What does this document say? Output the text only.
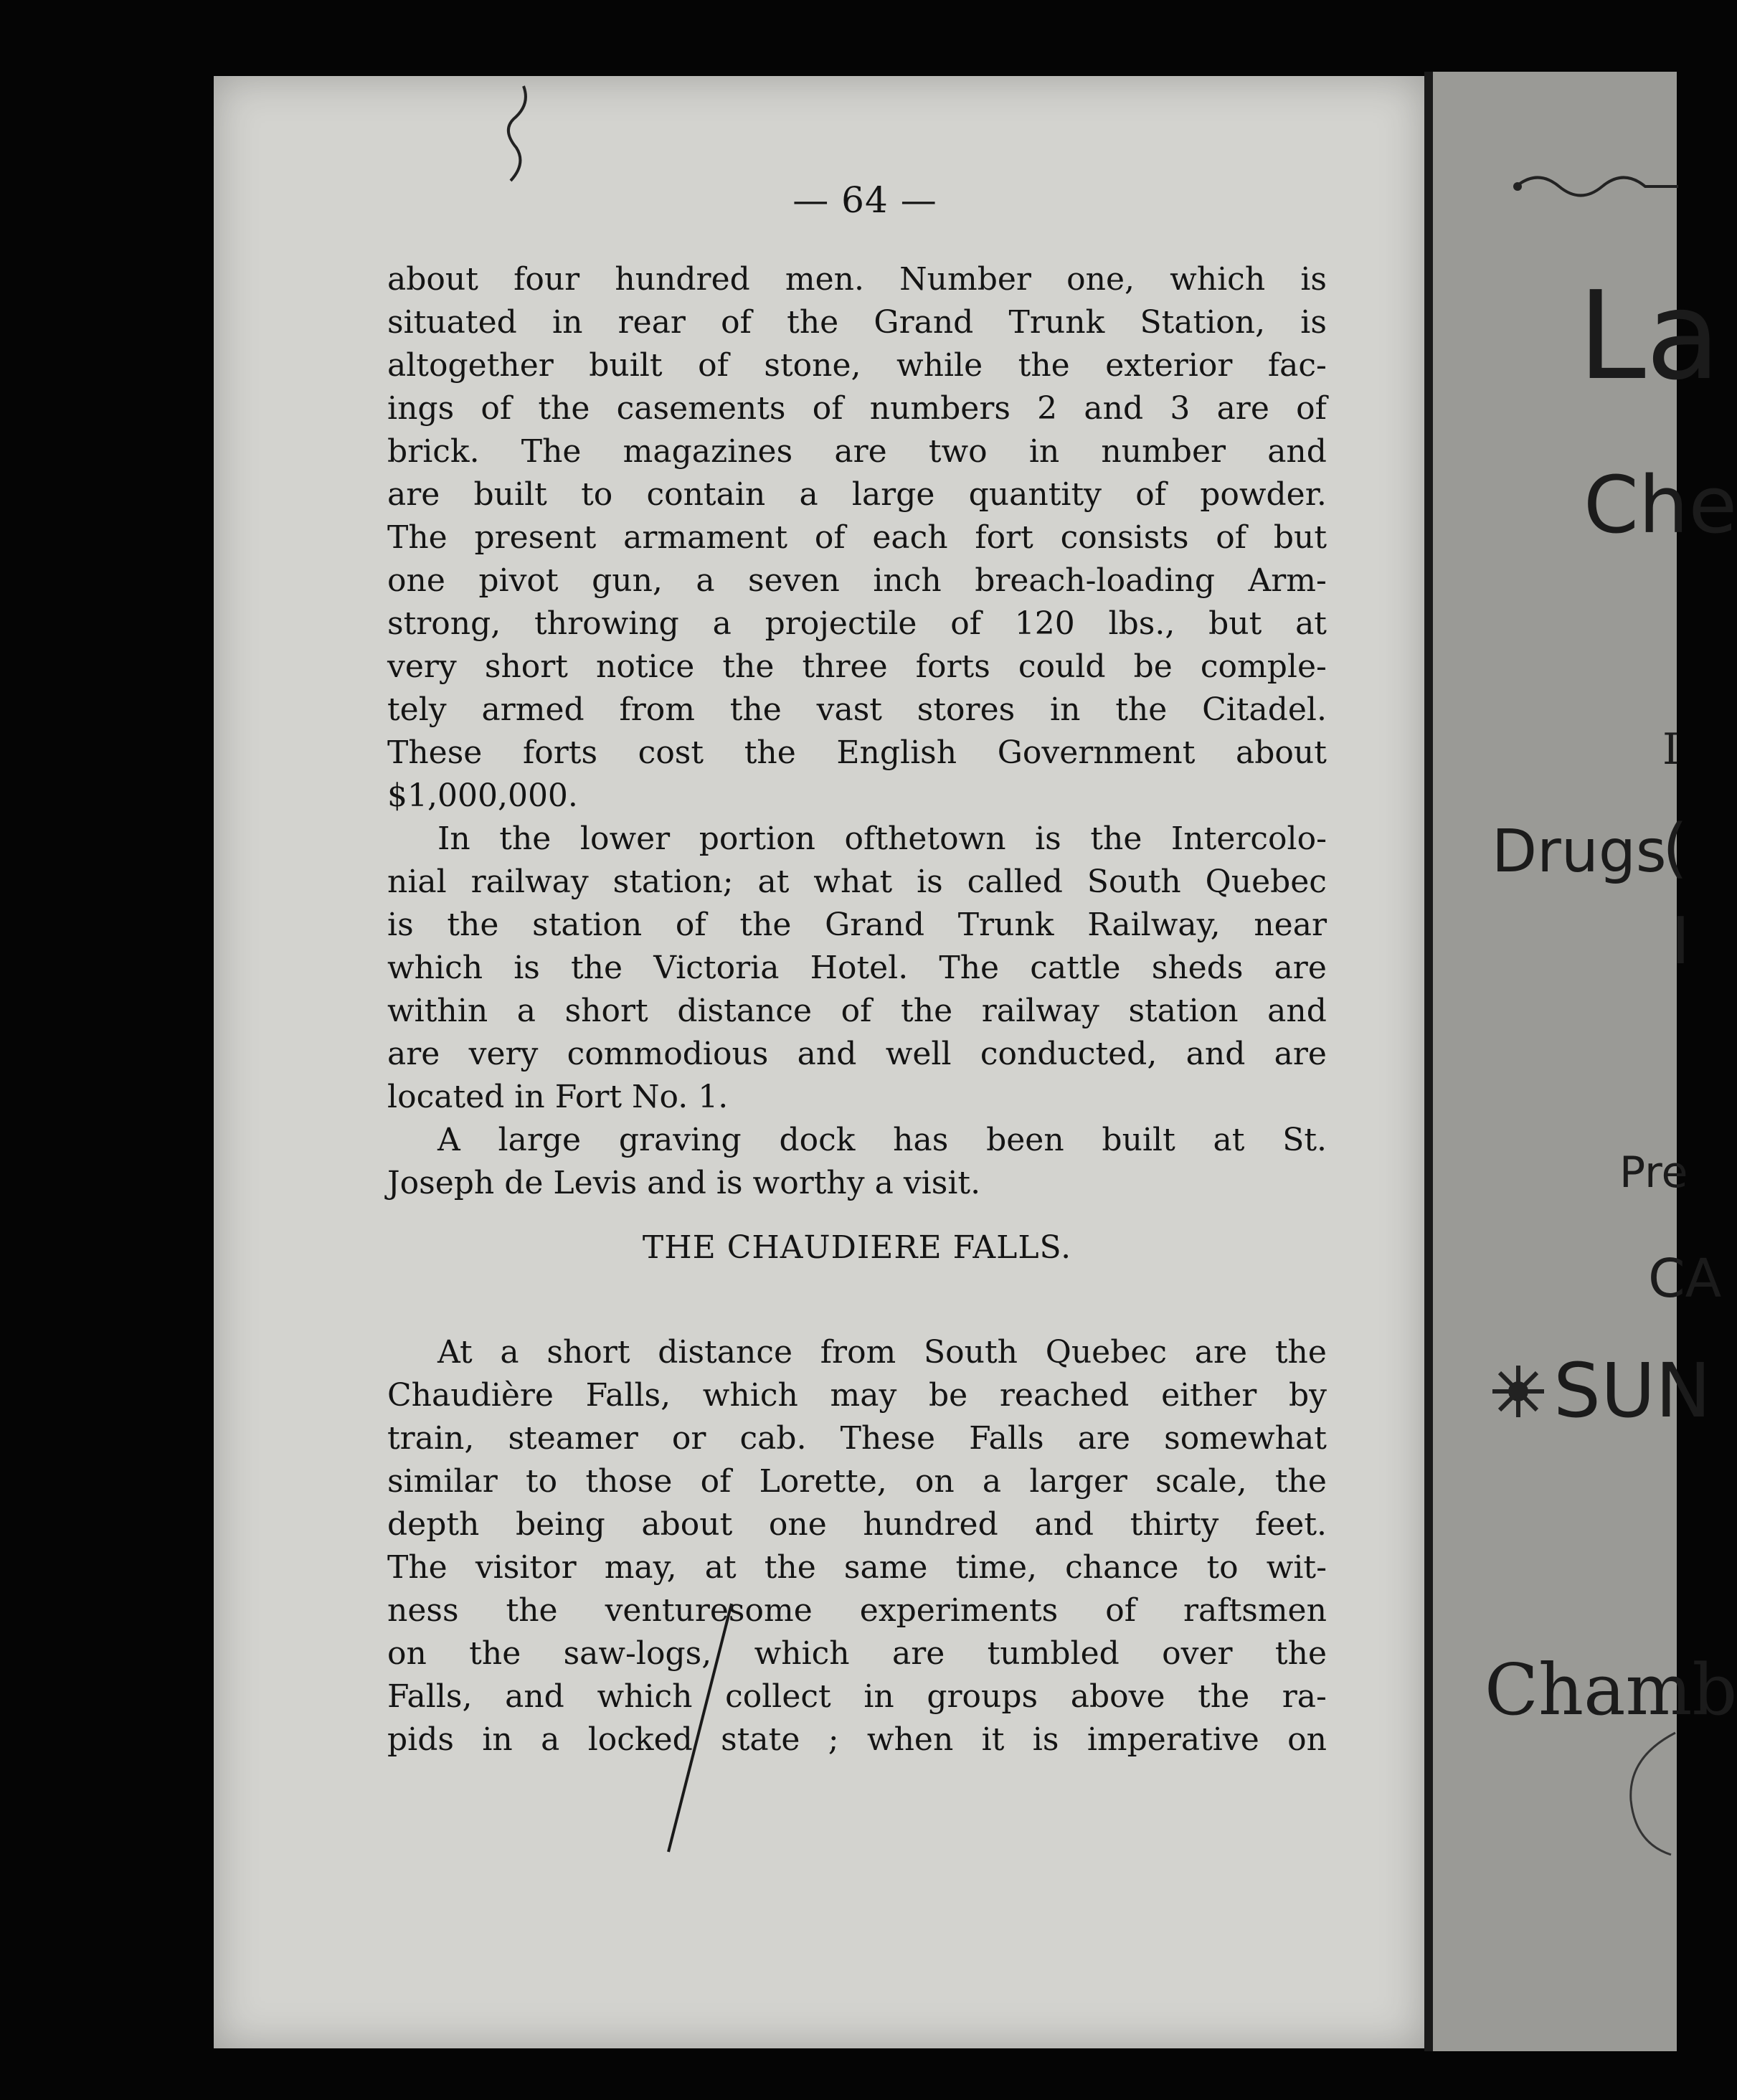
La
Che
I
Drugs
(
I
Pre
CA
SUN
Chamb
— 64 —
about four hundred men. Number one, which is
situated in rear of the Grand Trunk Station, is
altogether built of stone, while the exterior fac-
ings of the casements of numbers 2 and 3 are of
brick. The magazines are two in number and
are built to contain a large quantity of powder.
The present armament of each fort consists of but
one pivot gun, a seven inch breach-loading Arm-
strong, throwing a projectile of 120 lbs., but at
very short notice the three forts could be comple-
tely armed from the vast stores in the Citadel.
These forts cost the English Government about
$1,000,000.
In the lower portion ofthetown is the Intercolo-
nial railway station; at what is called South Quebec
is the station of the Grand Trunk Railway, near
which is the Victoria Hotel. The cattle sheds are
within a short distance of the railway station and
are very commodious and well conducted, and are
located in Fort No. 1.
A large graving dock has been built at St.
Joseph de Levis and is worthy a visit.
THE CHAUDIERE FALLS.
At a short distance from South Quebec are the
Chaudière Falls, which may be reached either by
train, steamer or cab. These Falls are somewhat
similar to those of Lorette, on a larger scale, the
depth being about one hundred and thirty feet.
The visitor may, at the same time, chance to wit-
ness the venturesome experiments of raftsmen
on the saw-logs, which are tumbled over the
Falls, and which collect in groups above the ra-
pids in a locked state ; when it is imperative on
